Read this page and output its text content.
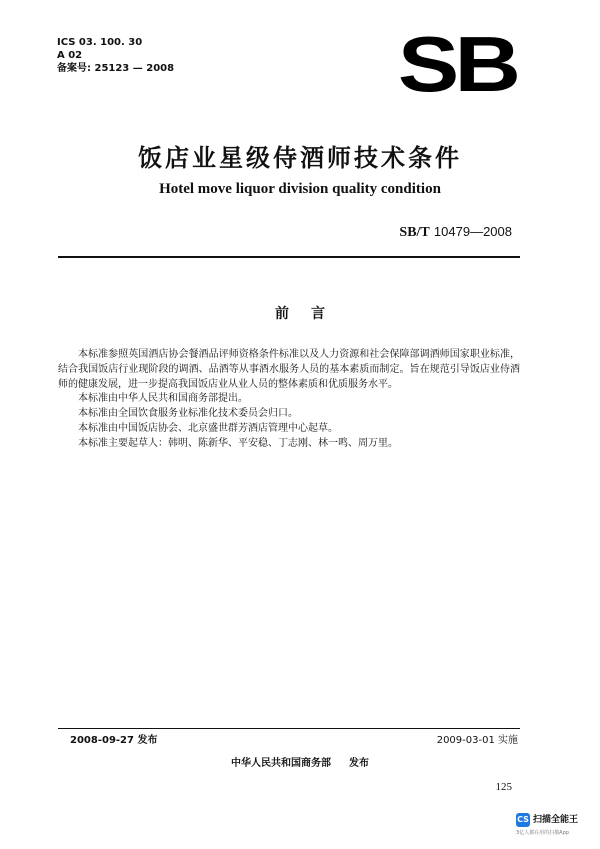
ICS 03. 100. 30
A 02
备案号: 25123 — 2008	SB
饭店业星级侍酒师技术条件
Hotel move liquor division quality condition
SB/T 10479—2008
前言

本标准参照英国酒店协会餐酒品评师资格条件标准以及人力资源和社会保障部调酒师国家职业标准，结合我国饭店行业现阶段的调酒、品酒等从事酒水服务人员的基本素质而制定。旨在规范引导饭店业侍酒师的健康发展，进一步提高我国饭店业从业人员的整体素质和优质服务水平。

本标准由中华人民共和国商务部提出。

本标准由全国饮食服务业标准化技术委员会归口。

本标准由中国饭店协会、北京盛世群芳酒店管理中心起草。

本标准主要起草人：韩明、陈新华、平安稳、丁志刚、林一鸣、周万里。

2008-09-27 发布	2009-03-01 实施
中华人民共和国商务部 发布
125
CS 扫描全能王
3亿人都在用的扫描App
